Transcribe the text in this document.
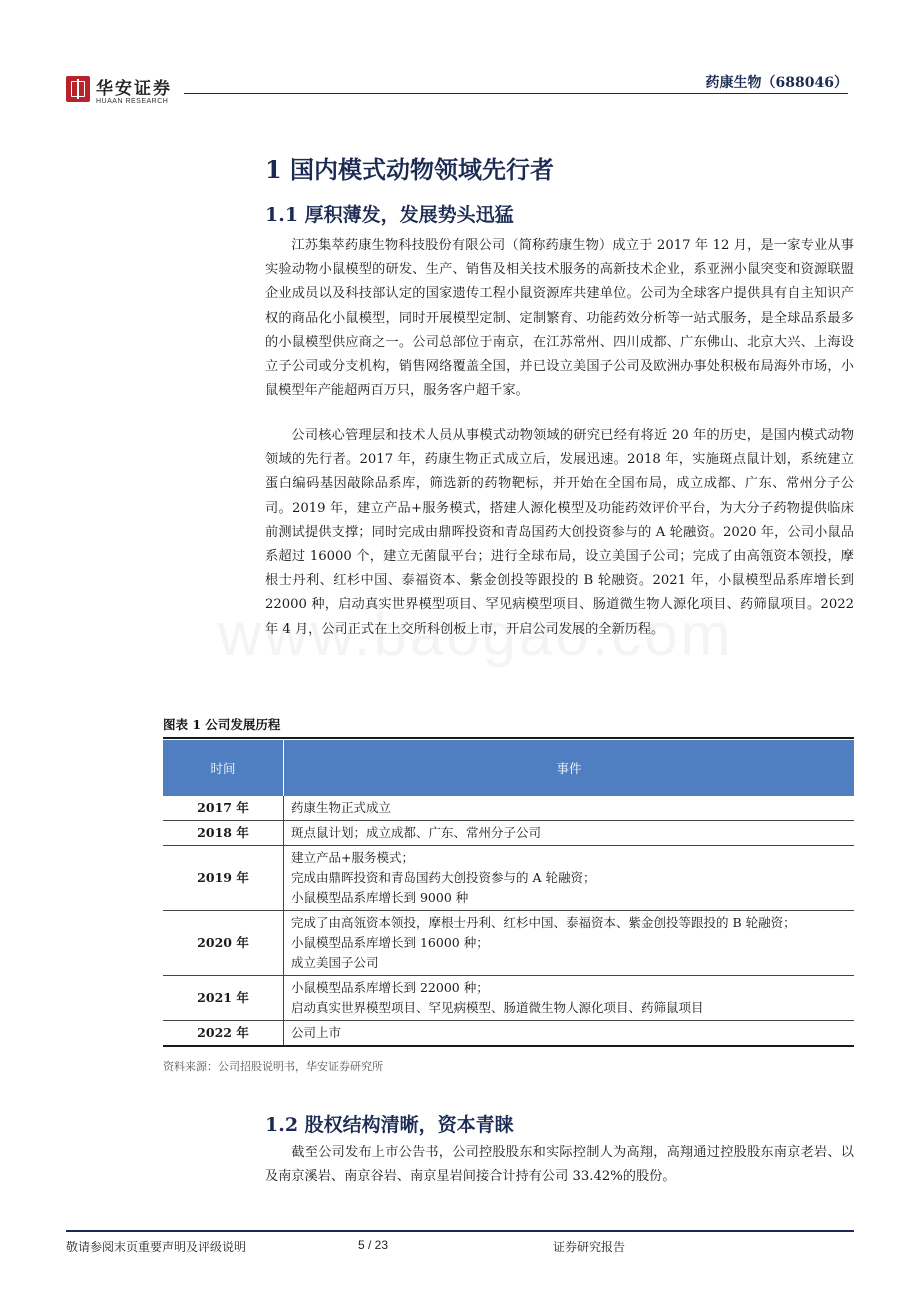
华安证券
HUAAN RESEARCH
药康生物（688046）
1 国内模式动物领域先行者
1.1 厚积薄发，发展势头迅猛

江苏集萃药康生物科技股份有限公司（简称药康生物）成立于 2017 年 12 月，是一家专业从事实验动物小鼠模型的研发、生产、销售及相关技术服务的高新技术企业，系亚洲小鼠突变和资源联盟企业成员以及科技部认定的国家遗传工程小鼠资源库共建单位。公司为全球客户提供具有自主知识产权的商品化小鼠模型，同时开展模型定制、定制繁育、功能药效分析等一站式服务，是全球品系最多的小鼠模型供应商之一。公司总部位于南京，在江苏常州、四川成都、广东佛山、北京大兴、上海设立子公司或分支机构，销售网络覆盖全国，并已设立美国子公司及欧洲办事处积极布局海外市场，小鼠模型年产能超两百万只，服务客户超千家。

公司核心管理层和技术人员从事模式动物领域的研究已经有将近 20 年的历史，是国内模式动物领域的先行者。2017 年，药康生物正式成立后，发展迅速。2018 年，实施斑点鼠计划，系统建立蛋白编码基因敲除品系库，筛选新的药物靶标，并开始在全国布局，成立成都、广东、常州分子公司。2019 年，建立产品+服务模式，搭建人源化模型及功能药效评价平台，为大分子药物提供临床前测试提供支撑；同时完成由鼎晖投资和青岛国药大创投资参与的 A 轮融资。2020 年，公司小鼠品系超过 16000 个，建立无菌鼠平台；进行全球布局，设立美国子公司；完成了由高瓴资本领投，摩根士丹利、红杉中国、泰福资本、紫金创投等跟投的 B 轮融资。2021 年，小鼠模型品系库增长到 22000 种，启动真实世界模型项目、罕见病模型项目、肠道微生物人源化项目、药筛鼠项目。2022 年 4 月，公司正式在上交所科创板上市，开启公司发展的全新历程。

图表 1 公司发展历程
时间	事件
2017 年	药康生物正式成立

2018 年	斑点鼠计划；成立成都、广东、常州分子公司

2019 年	建立产品+服务模式；
完成由鼎晖投资和青岛国药大创投资参与的 A 轮融资；
小鼠模型品系库增长到 9000 种

2020 年	完成了由高瓴资本领投，摩根士丹利、红杉中国、泰福资本、紫金创投等跟投的 B 轮融资；
小鼠模型品系库增长到 16000 种；
成立美国子公司

2021 年	小鼠模型品系库增长到 22000 种；
启动真实世界模型项目、罕见病模型、肠道微生物人源化项目、药筛鼠项目

2022 年	公司上市
资料来源：公司招股说明书，华安证券研究所
1.2 股权结构清晰，资本青睐

截至公司发布上市公告书，公司控股股东和实际控制人为高翔，高翔通过控股股东南京老岩、以及南京溪岩、南京谷岩、南京星岩间接合计持有公司 33.42%的股份。

敬请参阅末页重要声明及评级说明	5 / 23	证券研究报告
